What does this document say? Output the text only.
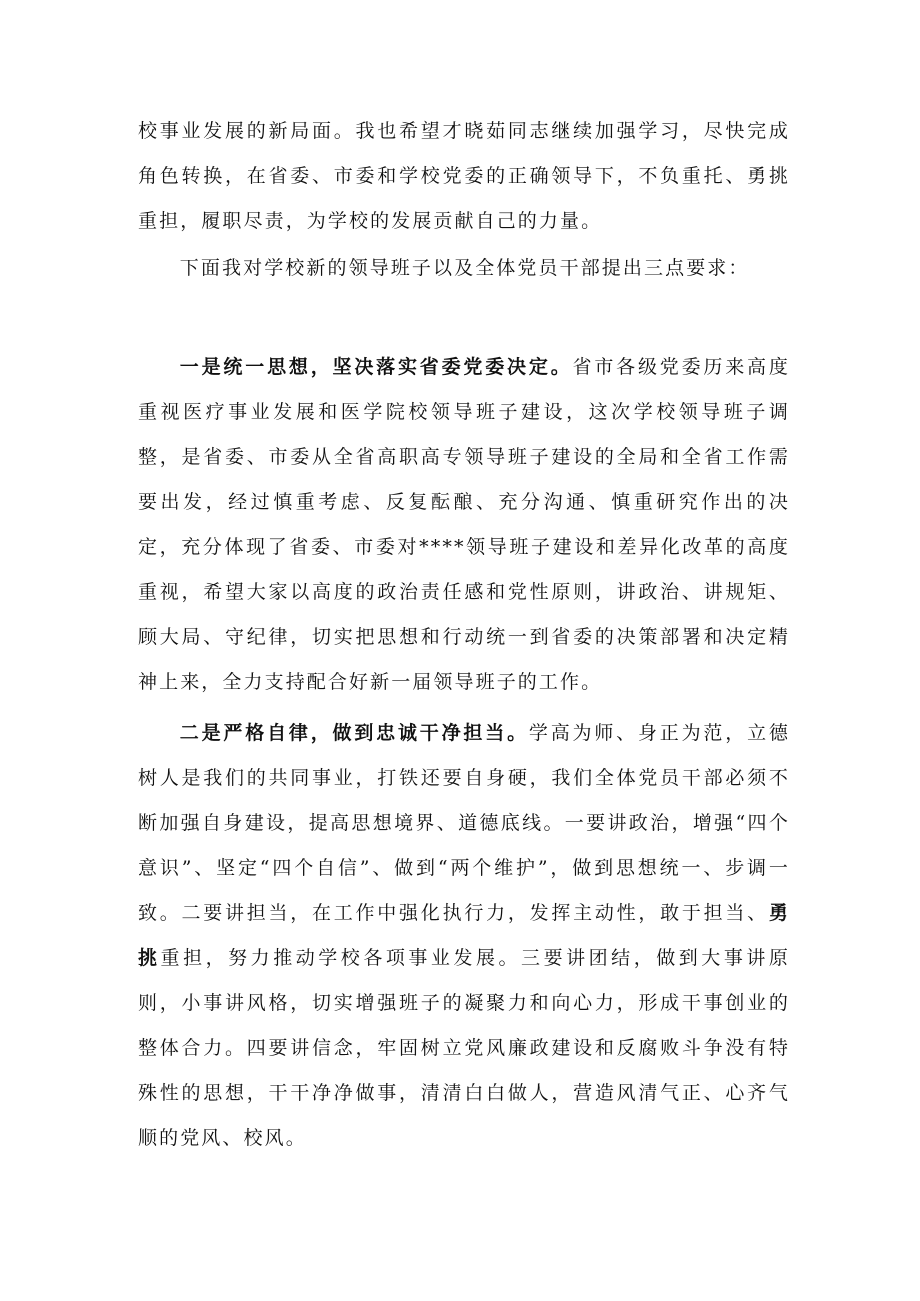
校事业发展的新局面。我也希望才晓茹同志继续加强学习，尽快完成角色转换，在省委、市委和学校党委的正确领导下，不负重托、勇挑重担，履职尽责，为学校的发展贡献自己的力量。

下面我对学校新的领导班子以及全体党员干部提出三点要求：

一是统一思想，坚决落实省委党委决定。省市各级党委历来高度重视医疗事业发展和医学院校领导班子建设，这次学校领导班子调整，是省委、市委从全省高职高专领导班子建设的全局和全省工作需要出发，经过慎重考虑、反复酝酿、充分沟通、慎重研究作出的决定，充分体现了省委、市委对****领导班子建设和差异化改革的高度重视，希望大家以高度的政治责任感和党性原则，讲政治、讲规矩、顾大局、守纪律，切实把思想和行动统一到省委的决策部署和决定精神上来，全力支持配合好新一届领导班子的工作。

二是严格自律，做到忠诚干净担当。学高为师、身正为范，立德树人是我们的共同事业，打铁还要自身硬，我们全体党员干部必须不断加强自身建设，提高思想境界、道德底线。一要讲政治，增强“四个意识”、坚定“四个自信”、做到“两个维护”，做到思想统一、步调一致。二要讲担当，在工作中强化执行力，发挥主动性，敢于担当、勇挑重担，努力推动学校各项事业发展。三要讲团结，做到大事讲原则，小事讲风格，切实增强班子的凝聚力和向心力，形成干事创业的整体合力。四要讲信念，牢固树立党风廉政建设和反腐败斗争没有特殊性的思想，干干净净做事，清清白白做人，营造风清气正、心齐气顺的党风、校风。
